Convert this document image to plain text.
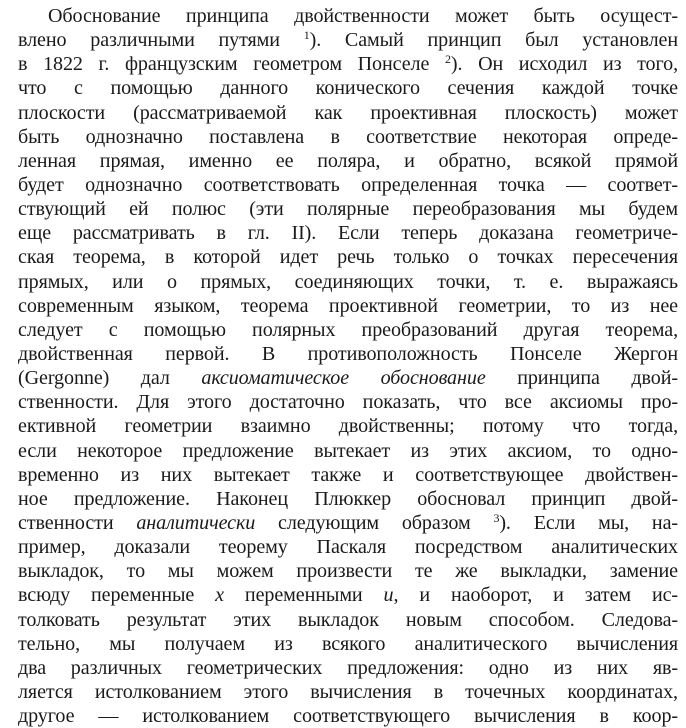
Обоснование принципа двойственности может быть осущест-
влено различными путями $^1$). Самый принцип был установлен
в 1822 г. французским геометром Понселе $^2$). Он исходил из того,
что с помощью данного конического сечения каждой точке
плоскости (рассматриваемой как проективная плоскость) может
быть однозначно поставлена в соответствие некоторая опреде-
ленная прямая, именно ее поляра, и обратно, всякой прямой
будет однозначно соответствовать определенная точка — соответ-
ствующий ей полюс (эти полярные переобразования мы будем
еще рассматривать в гл. II). Если теперь доказана геометриче-
ская теорема, в которой идет речь только о точках пересечения
прямых, или о прямых, соединяющих точки, т. е. выражаясь
современным языком, теорема проективной геометрии, то из нее
следует с помощью полярных преобразований другая теорема,
двойственная первой. В противоположность Понселе Жергон
(Gergonne) дал аксиоматическое обоснование принципа двой-
ственности. Для этого достаточно показать, что все аксиомы про-
ективной геометрии взаимно двойственны; потому что тогда,
если некоторое предложение вытекает из этих аксиом, то одно-
временно из них вытекает также и соответствующее двойствен-
ное предложение. Наконец Плюккер обосновал принцип двой-
ственности аналитически следующим образом $^3$). Если мы, на-
пример, доказали теорему Паскаля посредством аналитических
выкладок, то мы можем произвести те же выкладки, замение
всюду переменные x переменными u, и наоборот, и затем ис-
толковать результат этих выкладок новым способом. Следова-
тельно, мы получаем из всякого аналитического вычисления
два различных геометрических предложения: одно из них яв-
ляется истолкованием этого вычисления в точечных координатах,
другое — истолкованием соответствующего вычисления в коор-
